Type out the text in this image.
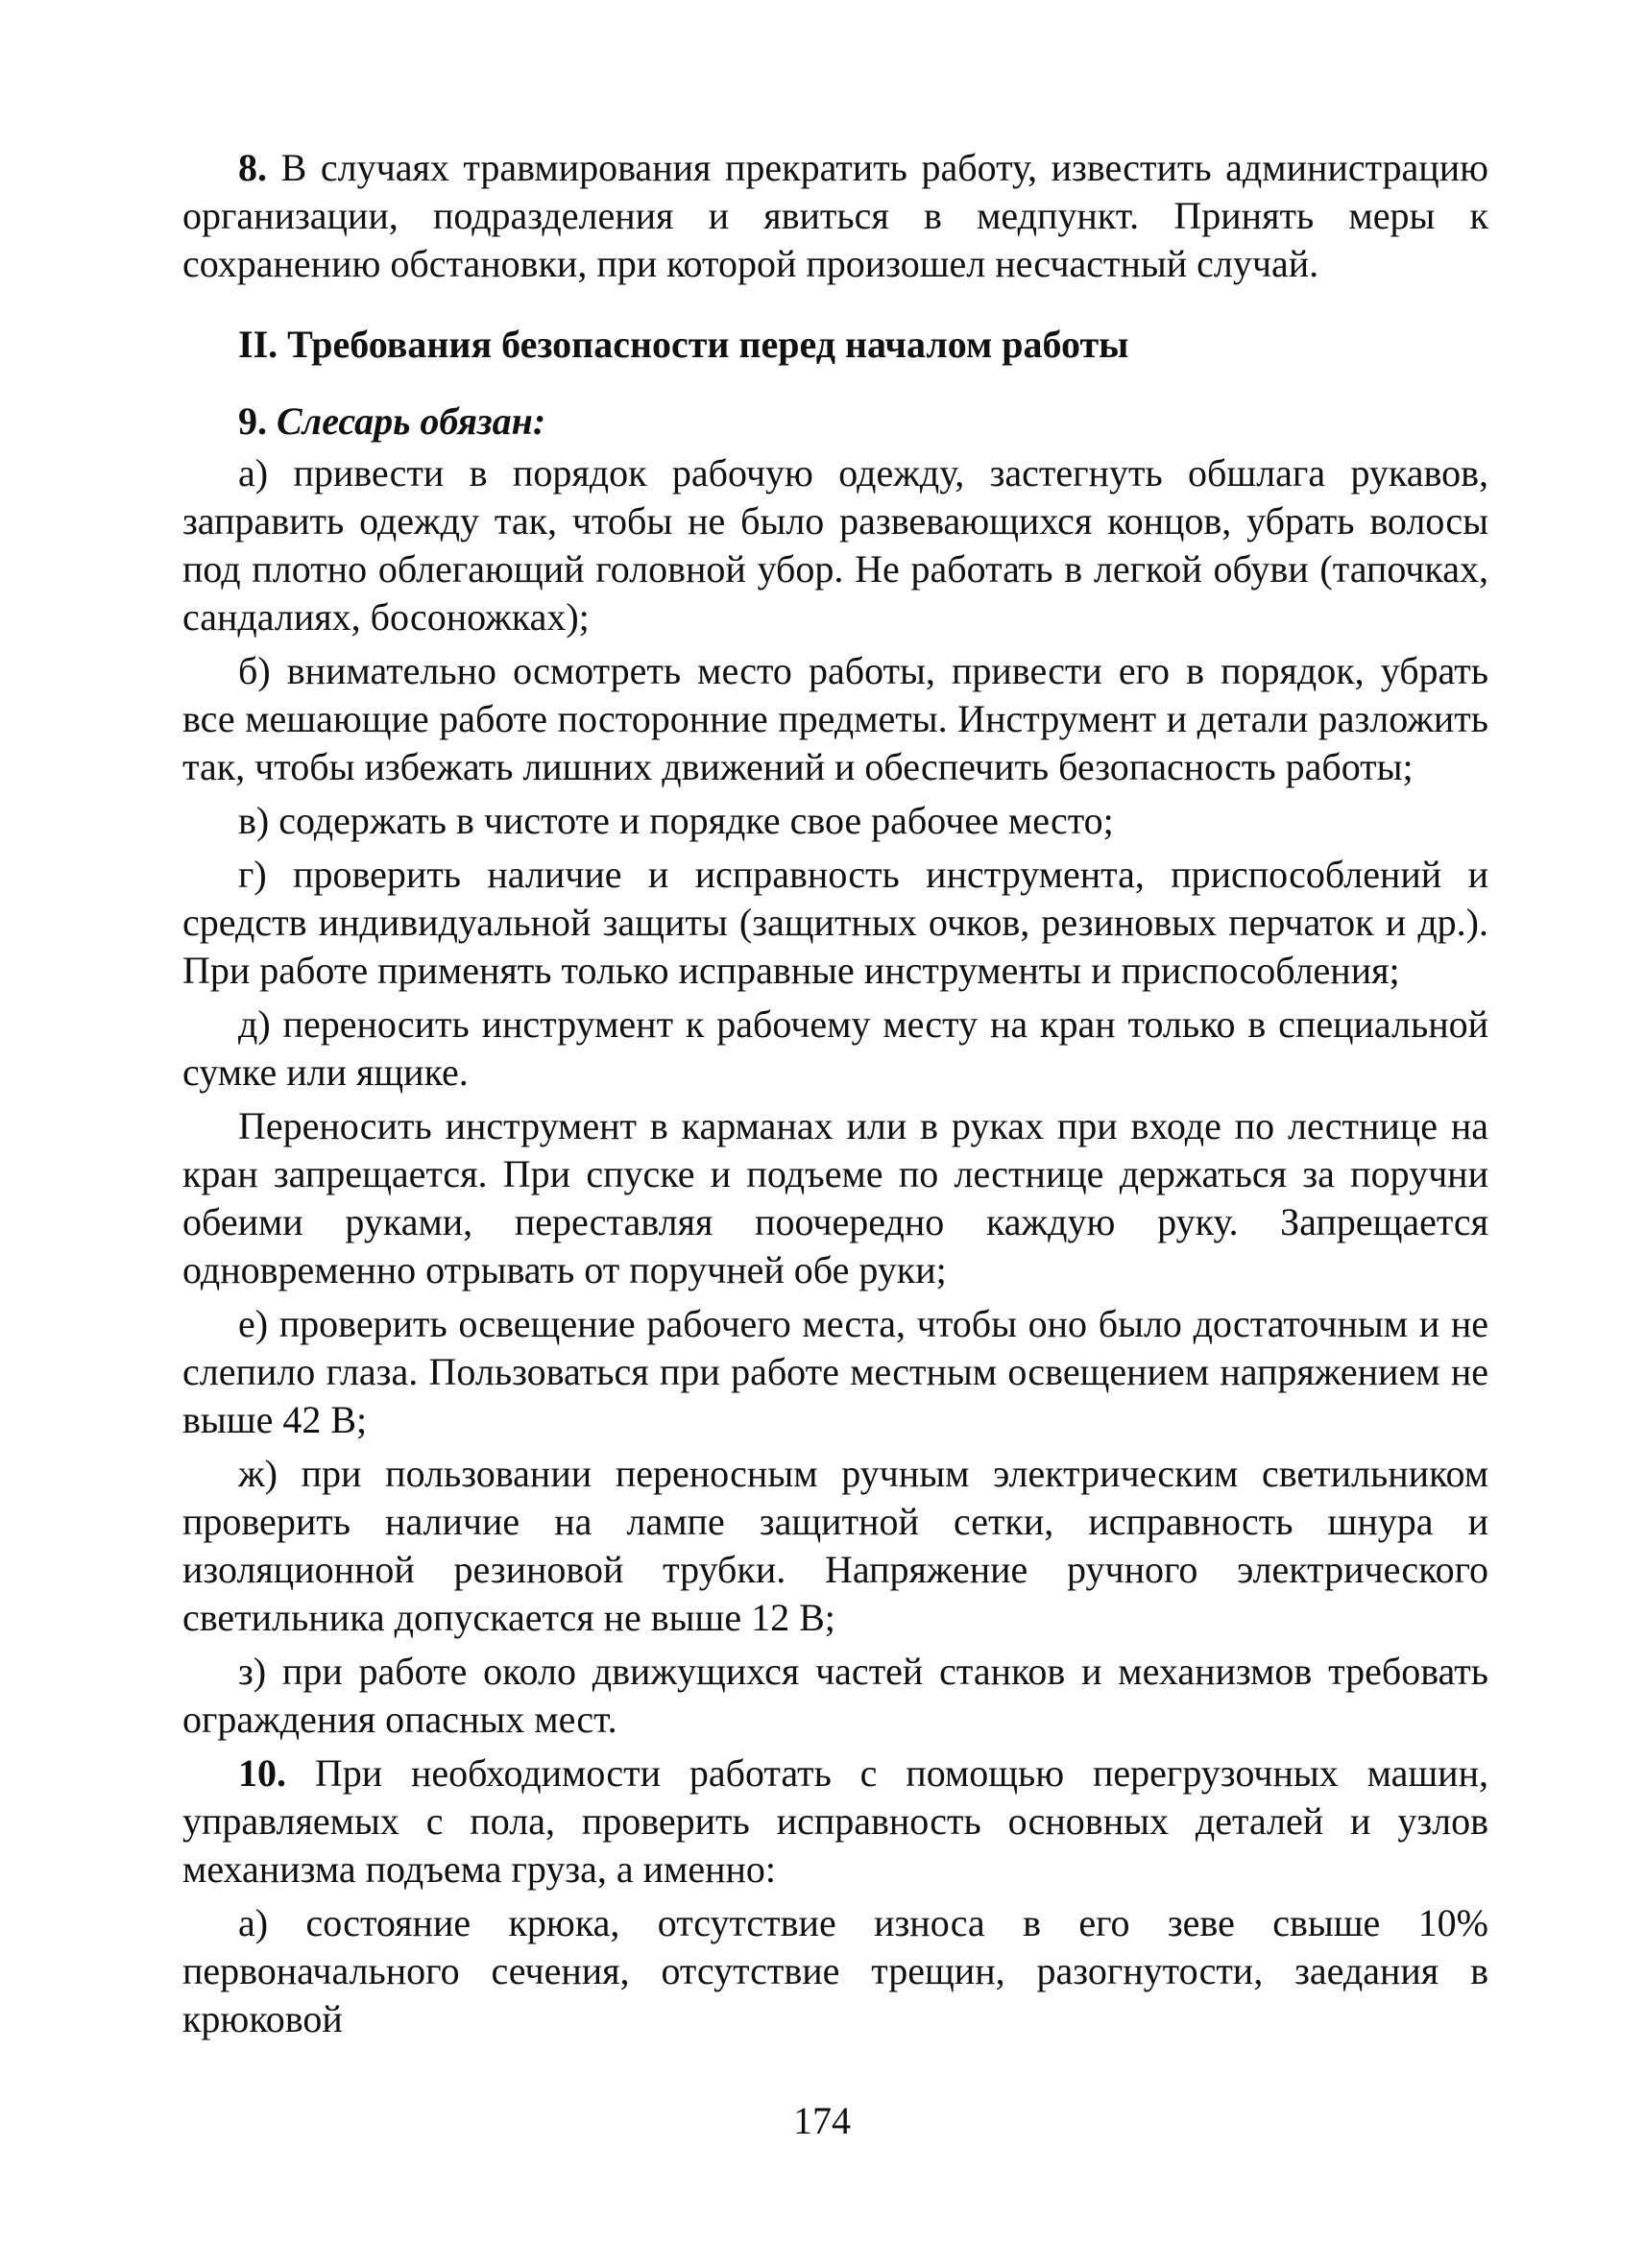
8. В случаях травмирования прекратить работу, известить администрацию организации, подразделения и явиться в медпункт. Принять меры к сохранению обстановки, при которой произошел несчастный случай.

II. Требования безопасности перед началом работы

9. Слесарь обязан:

а) привести в порядок рабочую одежду, застегнуть обшлага рукавов, заправить одежду так, чтобы не было развевающихся концов, убрать волосы под плотно облегающий головной убор. Не работать в легкой обуви (тапочках, сандалиях, босоножках);

б) внимательно осмотреть место работы, привести его в порядок, убрать все мешающие работе посторонние предметы. Инструмент и детали разложить так, чтобы избежать лишних движений и обеспечить безопасность работы;

в) содержать в чистоте и порядке свое рабочее место;

г) проверить наличие и исправность инструмента, приспособлений и средств индивидуальной защиты (защитных очков, резиновых перчаток и др.). При работе применять только исправные инструменты и приспособления;

д) переносить инструмент к рабочему месту на кран только в специальной сумке или ящике.

Переносить инструмент в карманах или в руках при входе по лестнице на кран запрещается. При спуске и подъеме по лестнице держаться за поручни обеими руками, переставляя поочередно каждую руку. Запрещается одновременно отрывать от поручней обе руки;

е) проверить освещение рабочего места, чтобы оно было достаточным и не слепило глаза. Пользоваться при работе местным освещением напряжением не выше 42 В;

ж) при пользовании переносным ручным электрическим светильником проверить наличие на лампе защитной сетки, исправность шнура и изоляционной резиновой трубки. Напряжение ручного электрического светильника допускается не выше 12 В;

з) при работе около движущихся частей станков и механизмов требовать ограждения опасных мест.

10. При необходимости работать с помощью перегрузочных машин, управляемых с пола, проверить исправность основных деталей и узлов механизма подъема груза, а именно:

а) состояние крюка, отсутствие износа в его зеве свыше 10% первоначального сечения, отсутствие трещин, разогнутости, заедания в крюковой

174
